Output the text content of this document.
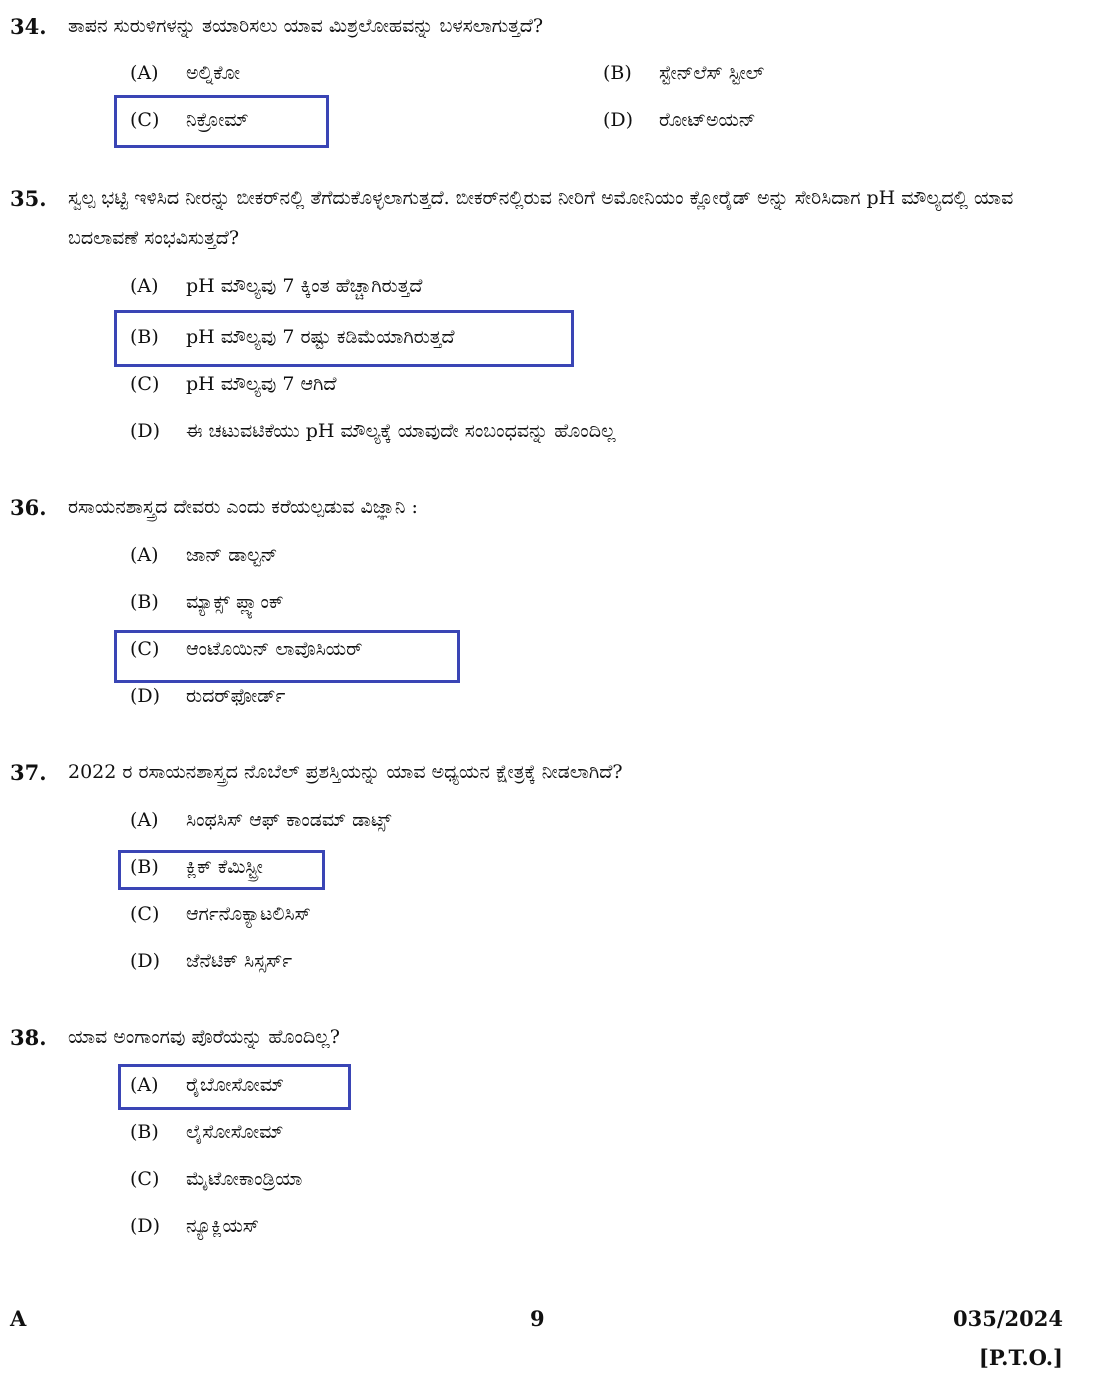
34. ತಾಪನ ಸುರುಳಿಗಳನ್ನು ತಯಾರಿಸಲು ಯಾವ ಮಿಶ್ರಲೋಹವನ್ನು ಬಳಸಲಾಗುತ್ತದೆ?
(A) ಅಲ್ನಿಕೋ	(B) ಸ್ಟೇನ್‌ಲೆಸ್ ಸ್ಟೀಲ್
(C) ನಿಕ್ರೋಮ್	(D) ರೋಟ್‌ಅಯನ್
35. ಸ್ವಲ್ಪ ಭಟ್ಟಿ ಇಳಿಸಿದ ನೀರನ್ನು ಬೀಕರ್‌ನಲ್ಲಿ ತೆಗೆದುಕೊಳ್ಳಲಾಗುತ್ತದೆ. ಬೀಕರ್‌ನಲ್ಲಿರುವ ನೀರಿಗೆ ಅಮೋನಿಯಂ ಕ್ಲೋರೈಡ್ ಅನ್ನು ಸೇರಿಸಿದಾಗ pH ಮೌಲ್ಯದಲ್ಲಿ ಯಾವ ಬದಲಾವಣೆ ಸಂಭವಿಸುತ್ತದೆ?
(A) pH ಮೌಲ್ಯವು 7 ಕ್ಕಿಂತ ಹೆಚ್ಚಾಗಿರುತ್ತದೆ
(B) pH ಮೌಲ್ಯವು 7 ರಷ್ಟು ಕಡಿಮೆಯಾಗಿರುತ್ತದೆ
(C) pH ಮೌಲ್ಯವು 7 ಆಗಿದೆ
(D) ಈ ಚಟುವಟಿಕೆಯು pH ಮೌಲ್ಯಕ್ಕೆ ಯಾವುದೇ ಸಂಬಂಧವನ್ನು ಹೊಂದಿಲ್ಲ
36. ರಸಾಯನಶಾಸ್ತ್ರದ ದೇವರು ಎಂದು ಕರೆಯಲ್ಪಡುವ ವಿಜ್ಞಾನಿ :
(A) ಜಾನ್ ಡಾಲ್ಟನ್
(B) ಮ್ಯಾಕ್ಸ್ ಪ್ಲ್ಯಾಂಕ್
(C) ಆಂಟೊಯಿನ್ ಲಾವೊಸಿಯರ್
(D) ರುದರ್‌ಫೋರ್ಡ್
37. 2022 ರ ರಸಾಯನಶಾಸ್ತ್ರದ ನೊಬೆಲ್ ಪ್ರಶಸ್ತಿಯನ್ನು ಯಾವ ಅಧ್ಯಯನ ಕ್ಷೇತ್ರಕ್ಕೆ ನೀಡಲಾಗಿದೆ?
(A) ಸಿಂಥಸಿಸ್ ಆಫ್ ಕಾಂಡಮ್ ಡಾಟ್ಸ್
(B) ಕ್ಲಿಕ್ ಕೆಮಿಸ್ಟ್ರೀ
(C) ಆರ್ಗನೊಕ್ಯಾಟಲಿಸಿಸ್
(D) ಜೆನೆಟಿಕ್ ಸಿಸ್ಸರ್ಸ್
38. ಯಾವ ಅಂಗಾಂಗವು ಪೊರೆಯನ್ನು ಹೊಂದಿಲ್ಲ?
(A) ರೈಬೋಸೋಮ್
(B) ಲೈಸೋಸೋಮ್
(C) ಮೈಟೋಕಾಂಡ್ರಿಯಾ
(D) ನ್ಯೂಕ್ಲಿಯಸ್
A	9	035/2024
[P.T.O.]
